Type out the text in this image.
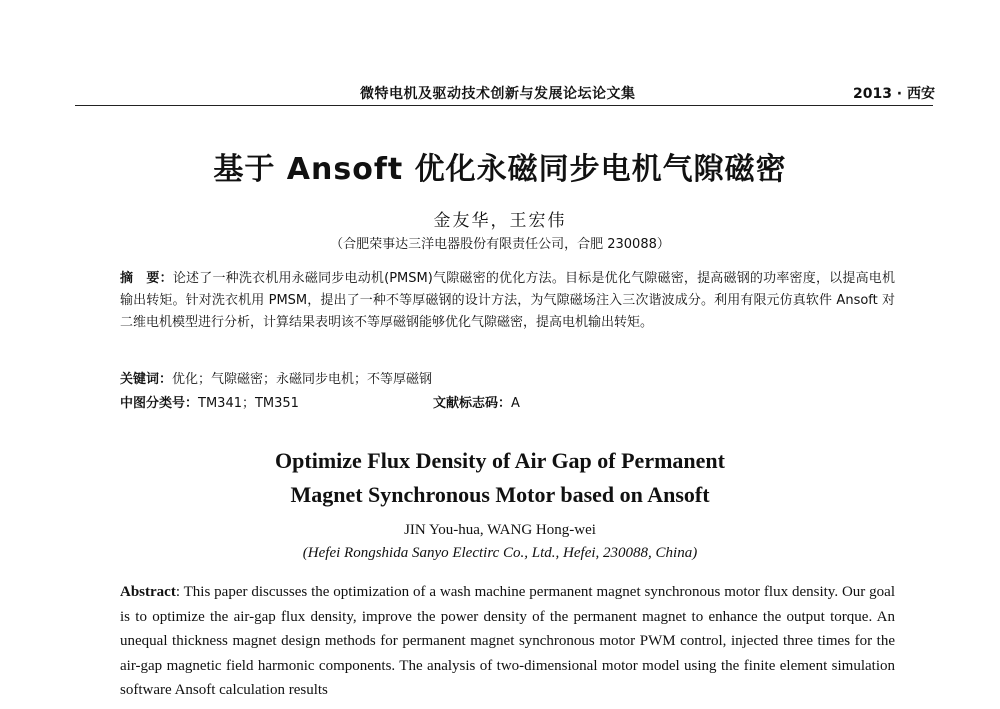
微特电机及驱动技术创新与发展论坛论文集	2013 · 西安
基于 Ansoft 优化永磁同步电机气隙磁密
金友华，王宏伟
（合肥荣事达三洋电器股份有限责任公司，合肥 230088）
摘　要：论述了一种洗衣机用永磁同步电动机(PMSM)气隙磁密的优化方法。目标是优化气隙磁密，提高磁钢的功率密度，以提高电机输出转矩。针对洗衣机用 PMSM，提出了一种不等厚磁钢的设计方法，为气隙磁场注入三次谐波成分。利用有限元仿真软件 Ansoft 对二维电机模型进行分析，计算结果表明该不等厚磁钢能够优化气隙磁密，提高电机输出转矩。
关键词：优化；气隙磁密；永磁同步电机；不等厚磁钢
中图分类号：TM341；TM351	文献标志码：A
Optimize Flux Density of Air Gap of Permanent
Magnet Synchronous Motor based on Ansoft
JIN You-hua, WANG Hong-wei
(Hefei Rongshida Sanyo Electirc Co., Ltd., Hefei, 230088, China)
Abstract: This paper discusses the optimization of a wash machine permanent magnet synchronous motor flux density. Our goal is to optimize the air-gap flux density, improve the power density of the permanent magnet to enhance the output torque. An unequal thickness magnet design methods for permanent magnet synchronous motor PWM control, injected three times for the air-gap magnetic field harmonic components. The analysis of two-dimensional motor model using the finite element simulation software Ansoft calculation results
